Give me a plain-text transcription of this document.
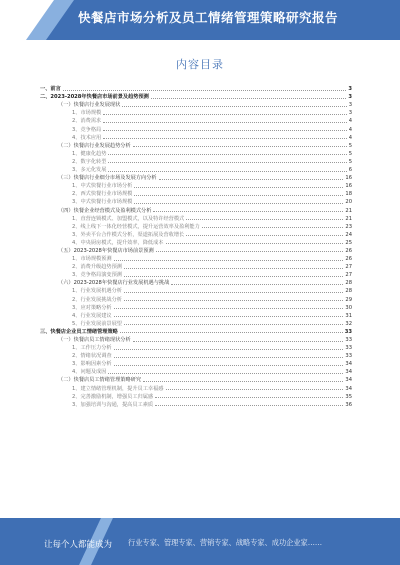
快餐店市场分析及员工情绪管理策略研究报告
内容目录
一、前言	3
二、2023-2028年快餐店市场前景及趋势预测	3
（一）快餐店行业发展现状	3
1、市场规模	3
2、消费需求	4
3、竞争格局	4
4、技术应用	4
（二）快餐店行业发展趋势分析	5
1、健康化趋势	5
2、数字化转型	5
3、多元化发展	6
（三）快餐店行业细分市场及发展方向分析	16
1、中式快餐行业市场分析	16
2、西式快餐行业市场规模	18
3、中式快餐行业市场规模	20
（四）快餐企业经营模式及盈利模式分析	21
1、直营连锁模式、加盟模式，以及特许经营模式	21
2、线上线下一体化经营模式，提升运营效率及盈利能力	23
3、外卖平台合作模式分析，渠道拓展及营收增长	24
4、中央厨房模式，提升效率，降低成本	25
（五）2023-2028年快餐店市场前景预测	26
1、市场规模预测	26
2、消费升级趋势预测	27
3、竞争格局演变预测	27
（六）2023-2028年快餐店行业发展机遇与挑战	28
1、行业发展机遇分析	28
2、行业发展挑战分析	29
3、应对策略分析	30
4、行业发展建议	31
5、行业发展前景展望	32
三、快餐店企业员工情绪管理策略	33
（一）快餐店员工情绪现状分析	33
1、工作压力分析	33
2、情绪状况调查	33
3、影响因素分析	34
4、问题及成因	34
（二）快餐店员工情绪管理策略研究	34
1、建立情绪管理机制，提升员工幸福感	34
2、完善激励机制，增强员工归属感	35
3、加强培训与沟通，提高员工素质	36
让每个人都能成为 行业专家、管理专家、营销专家、战略专家、成功企业家……
